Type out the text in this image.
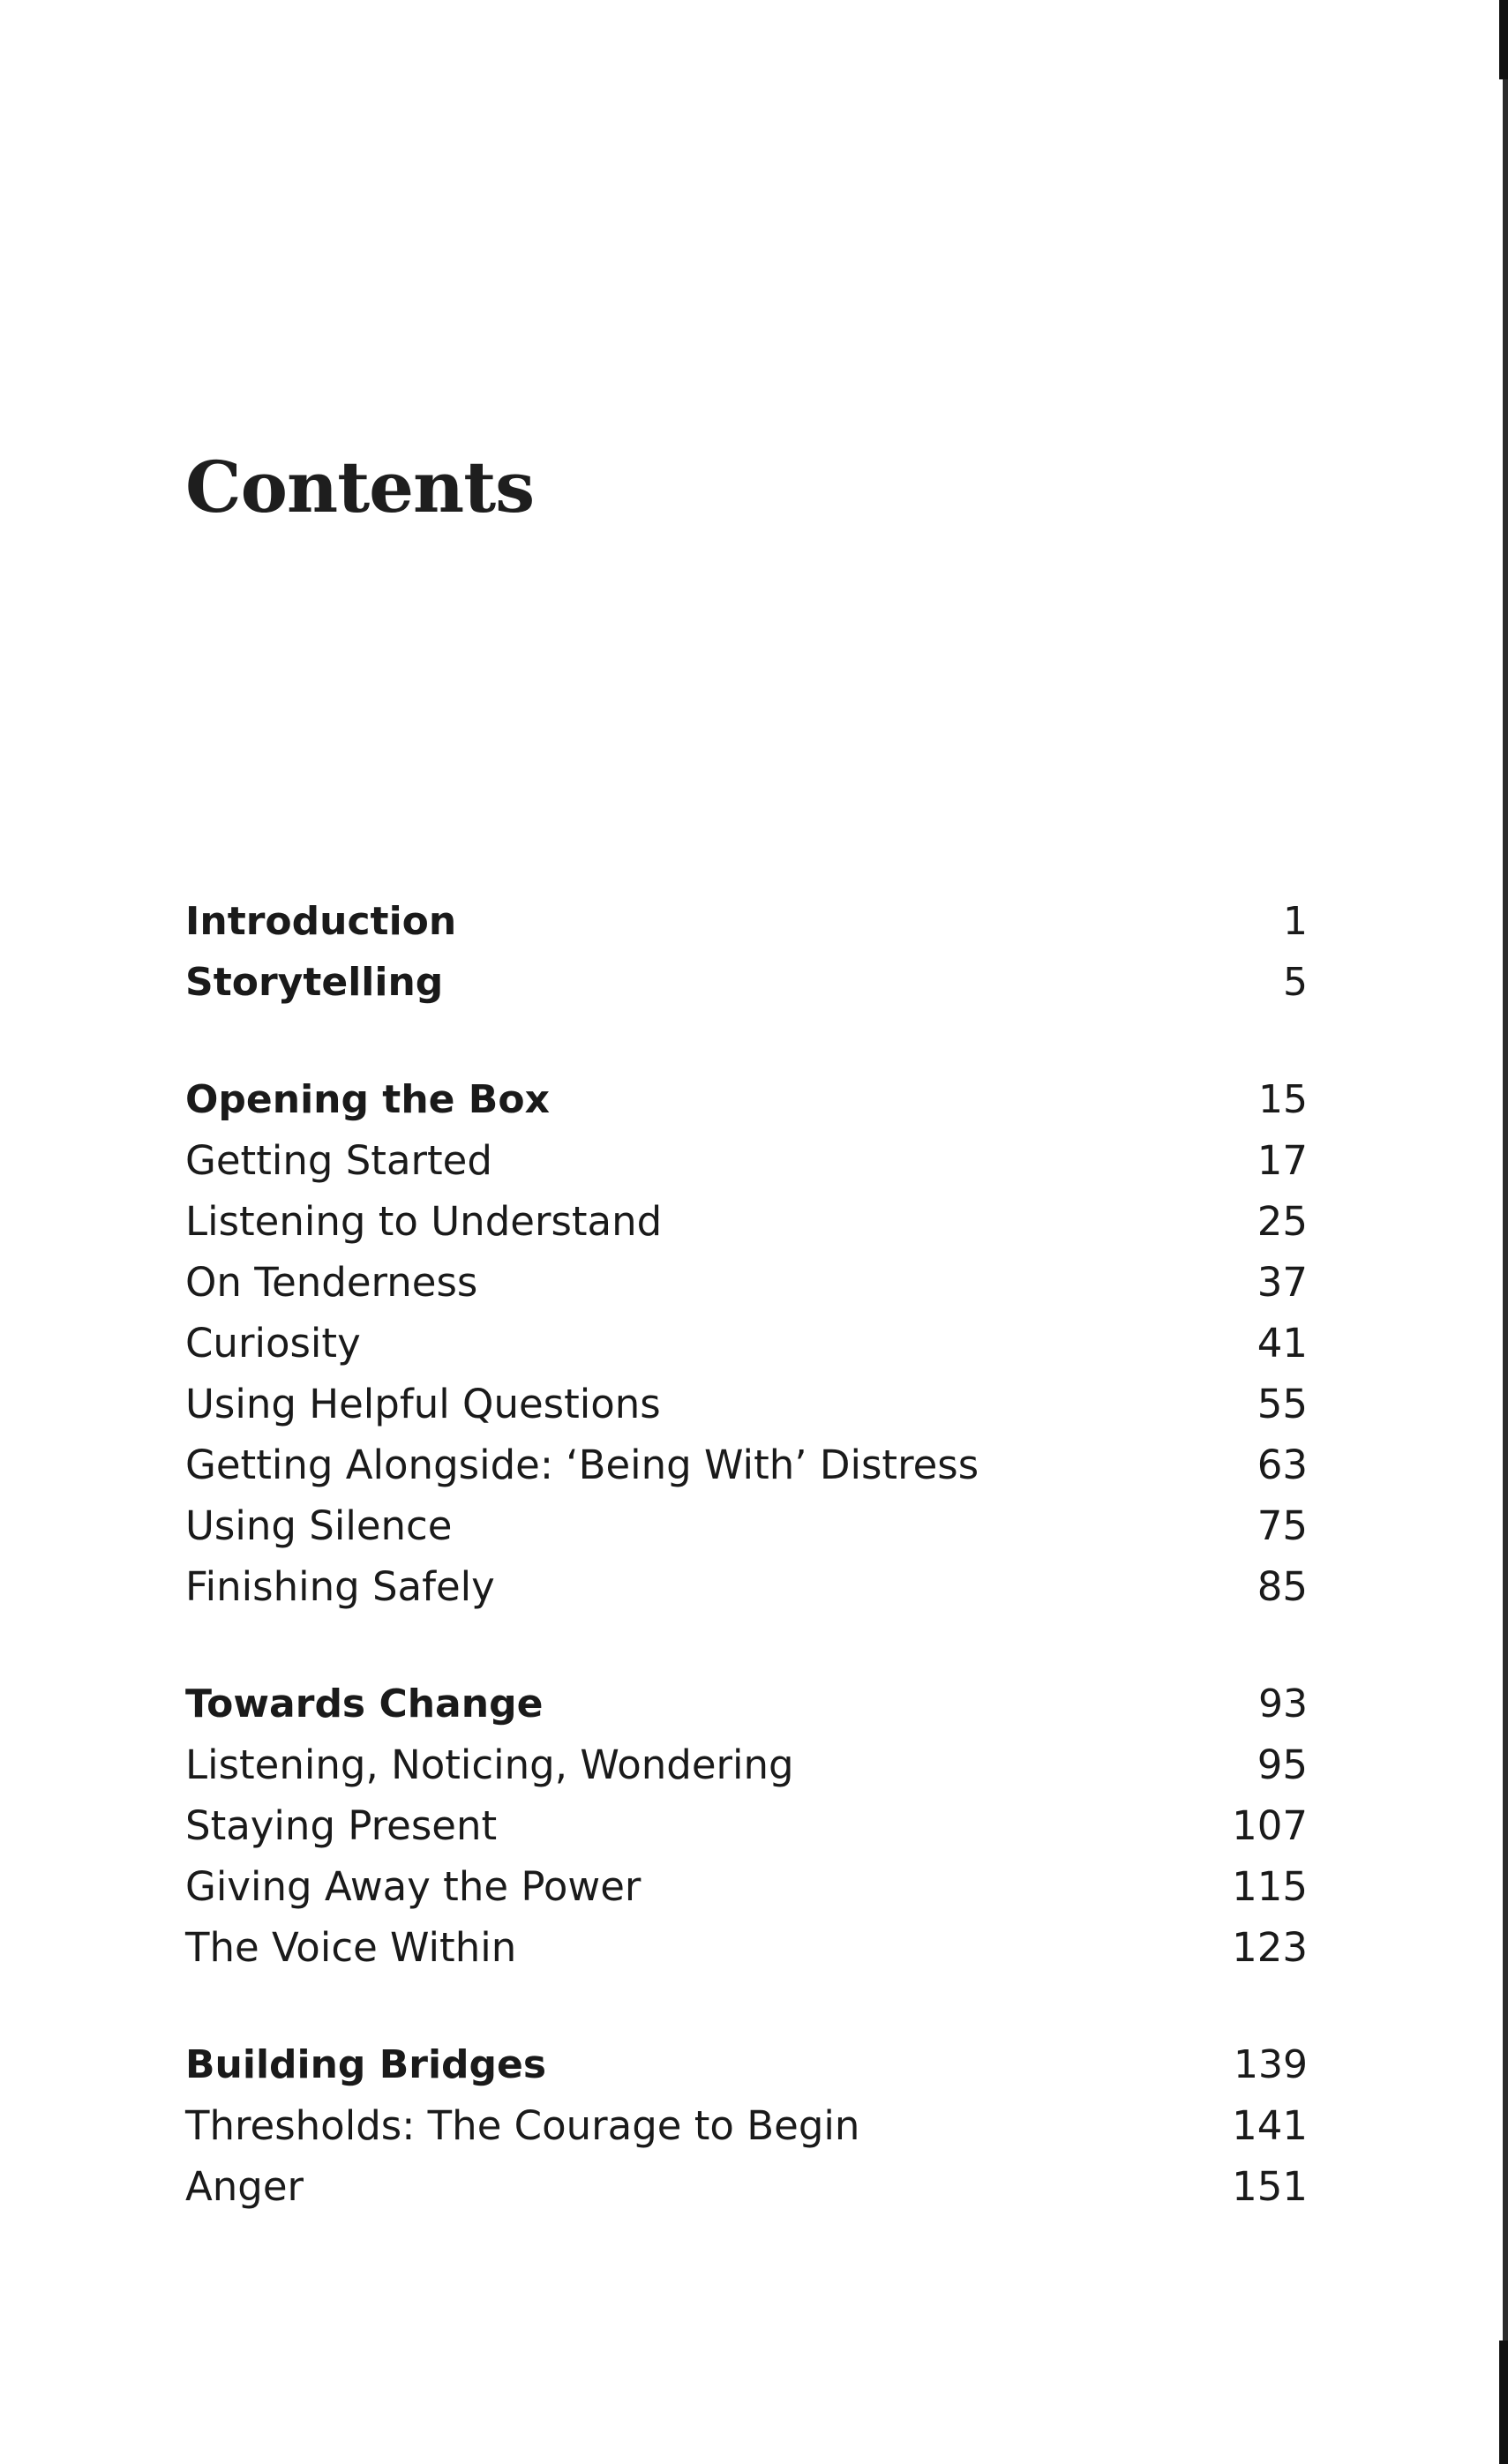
Contents
Introduction	1
Storytelling	5
Opening the Box	15
Getting Started	17
Listening to Understand	25
On Tenderness	37
Curiosity	41
Using Helpful Questions	55
Getting Alongside: ‘Being With’ Distress	63
Using Silence	75
Finishing Safely	85
Towards Change	93
Listening, Noticing, Wondering	95
Staying Present	107
Giving Away the Power	115
The Voice Within	123
Building Bridges	139
Thresholds: The Courage to Begin	141
Anger	151
